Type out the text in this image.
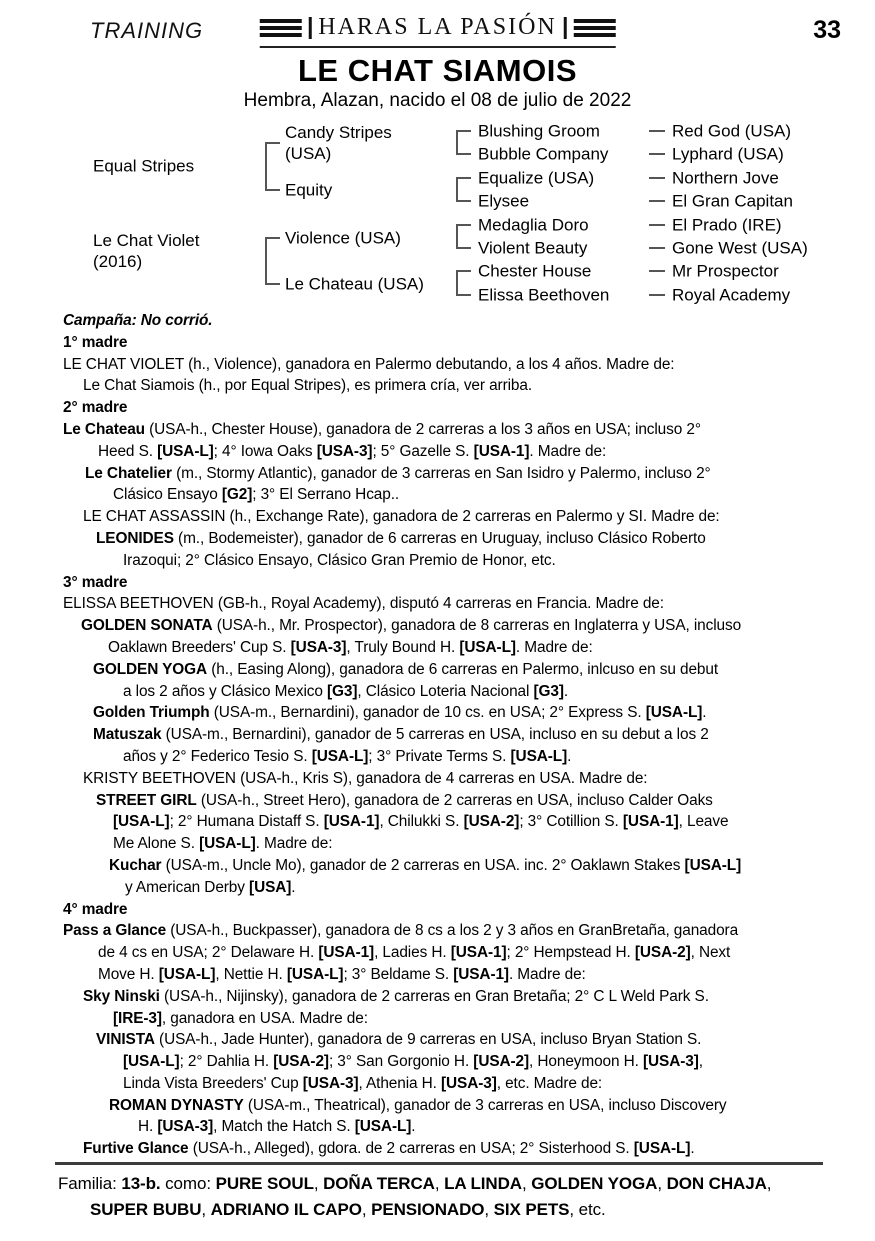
TRAINING	HARAS LA PASIÓN	33
LE CHAT SIAMOIS
Hembra, Alazan, nacido el 08 de julio de 2022
Equal Stripes
Le Chat Violet
(2016)
Candy Stripes
(USA)
Equity
Violence (USA)
Le Chateau (USA)
Blushing Groom
Bubble Company
Equalize (USA)
Elysee
Medaglia Doro
Violent Beauty
Chester House
Elissa Beethoven
Red God (USA)
Lyphard (USA)
Northern Jove
El Gran Capitan
El Prado (IRE)
Gone West (USA)
Mr Prospector
Royal Academy
Campaña: No corrió.
1° madre
LE CHAT VIOLET (h., Violence), ganadora en Palermo debutando, a los 4 años. Madre de:
Le Chat Siamois (h., por Equal Stripes), es primera cría, ver arriba.
2° madre
Le Chateau (USA-h., Chester House), ganadora de 2 carreras a los 3 años en USA; incluso 2°
Heed S. [USA-L]; 4° Iowa Oaks [USA-3]; 5° Gazelle S. [USA-1]. Madre de:
Le Chatelier (m., Stormy Atlantic), ganador de 3 carreras en San Isidro y Palermo, incluso 2°
Clásico Ensayo [G2]; 3° El Serrano Hcap..
LE CHAT ASSASSIN (h., Exchange Rate), ganadora de 2 carreras en Palermo y SI. Madre de:
LEONIDES (m., Bodemeister), ganador de 6 carreras en Uruguay, incluso Clásico Roberto
Irazoqui; 2° Clásico Ensayo, Clásico Gran Premio de Honor, etc.
3° madre
ELISSA BEETHOVEN (GB-h., Royal Academy), disputó 4 carreras en Francia. Madre de:
GOLDEN SONATA (USA-h., Mr. Prospector), ganadora de 8 carreras en Inglaterra y USA, incluso
Oaklawn Breeders' Cup S. [USA-3], Truly Bound H. [USA-L]. Madre de:
GOLDEN YOGA (h., Easing Along), ganadora de 6 carreras en Palermo, inlcuso en su debut
a los 2 años y Clásico Mexico [G3], Clásico Loteria Nacional [G3].
Golden Triumph (USA-m., Bernardini), ganador de 10 cs. en USA; 2° Express S. [USA-L].
Matuszak (USA-m., Bernardini), ganador de 5 carreras en USA, incluso en su debut a los 2
años y 2° Federico Tesio S. [USA-L]; 3° Private Terms S. [USA-L].
KRISTY BEETHOVEN (USA-h., Kris S), ganadora de 4 carreras en USA. Madre de:
STREET GIRL (USA-h., Street Hero), ganadora de 2 carreras en USA, incluso Calder Oaks
[USA-L]; 2° Humana Distaff S. [USA-1], Chilukki S. [USA-2]; 3° Cotillion S. [USA-1], Leave
Me Alone S. [USA-L]. Madre de:
Kuchar (USA-m., Uncle Mo), ganador de 2 carreras en USA. inc. 2° Oaklawn Stakes [USA-L]
y American Derby [USA].
4° madre
Pass a Glance (USA-h., Buckpasser), ganadora de 8 cs a los 2 y 3 años en GranBretaña, ganadora
de 4 cs en USA; 2° Delaware H. [USA-1], Ladies H. [USA-1]; 2° Hempstead H. [USA-2], Next
Move H. [USA-L], Nettie H. [USA-L]; 3° Beldame S. [USA-1]. Madre de:
Sky Ninski (USA-h., Nijinsky), ganadora de 2 carreras en Gran Bretaña; 2° C L Weld Park S.
[IRE-3], ganadora en USA. Madre de:
VINISTA (USA-h., Jade Hunter), ganadora de 9 carreras en USA, incluso Bryan Station S.
[USA-L]; 2° Dahlia H. [USA-2]; 3° San Gorgonio H. [USA-2], Honeymoon H. [USA-3],
Linda Vista Breeders' Cup [USA-3], Athenia H. [USA-3], etc. Madre de:
ROMAN DYNASTY (USA-m., Theatrical), ganador de 3 carreras en USA, incluso Discovery
H. [USA-3], Match the Hatch S. [USA-L].
Furtive Glance (USA-h., Alleged), gdora. de 2 carreras en USA; 2° Sisterhood S. [USA-L].
Familia: 13-b. como: PURE SOUL, DOÑA TERCA, LA LINDA, GOLDEN YOGA, DON CHAJA,
SUPER BUBU, ADRIANO IL CAPO, PENSIONADO, SIX PETS, etc.
